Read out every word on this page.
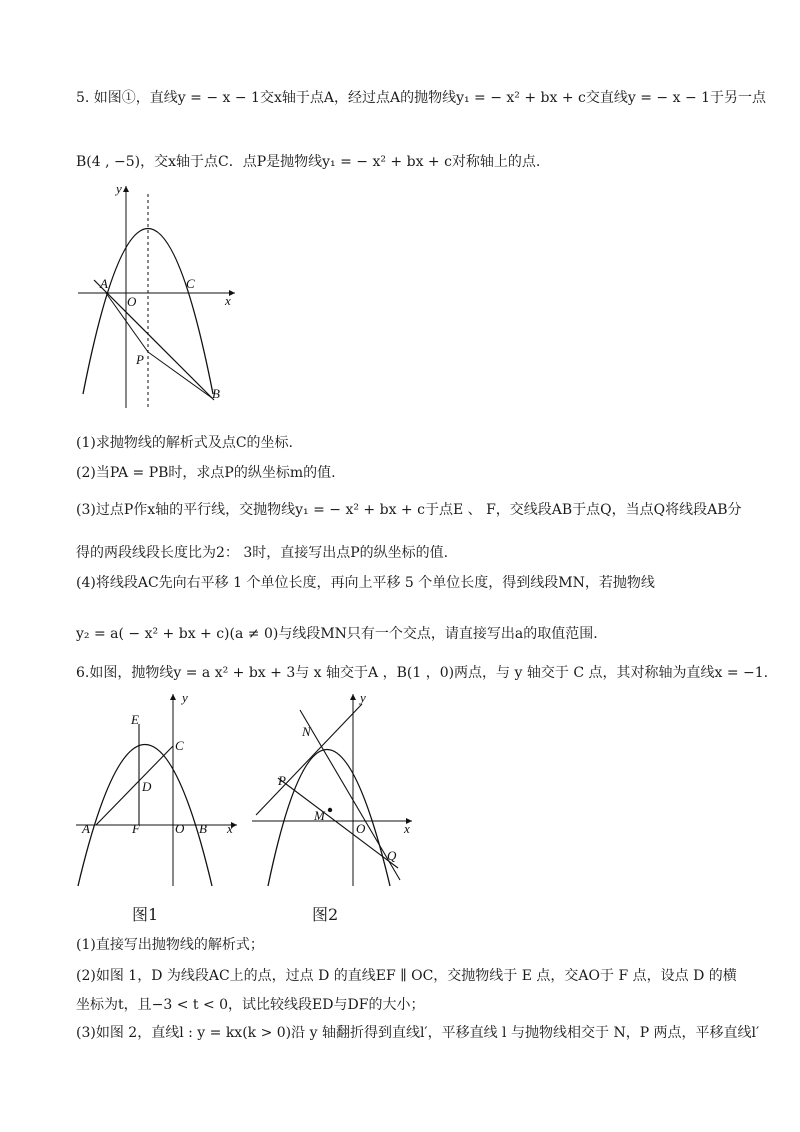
5. 如图①，直线y = − x − 1交x轴于点A，经过点A的抛物线y₁ = − x² + bx + c交直线y = − x − 1于另一点
B(4 , −5)，交x轴于点C．点P是抛物线y₁ = − x² + bx + c对称轴上的点.
y
x
A
O
C
P
B
(1)求抛物线的解析式及点C的坐标.
(2)当PA = PB时，求点P的纵坐标m的值.
(3)过点P作x轴的平行线，交抛物线y₁ = − x² + bx + c于点E 、 F，交线段AB于点Q，当点Q将线段AB分
得的两段线段长度比为2： 3时，直接写出点P的纵坐标的值.
(4)将线段AC先向右平移 1 个单位长度，再向上平移 5 个单位长度，得到线段MN，若抛物线
y₂ = a( − x² + bx + c)(a ≠ 0)与线段MN只有一个交点，请直接写出a的取值范围.
6.如图，抛物线y = a x² + bx + 3与 x 轴交于A ，B(1 ，0)两点，与 y 轴交于 C 点，其对称轴为直线x = −1.
E
y
C
D
A	F	O B x
y
N
P
M
O	x
Q
图1	图2
(1)直接写出抛物线的解析式；
(2)如图 1，D 为线段AC上的点，过点 D 的直线EF ∥ OC，交抛物线于 E 点，交AO于 F 点，设点 D 的横
坐标为t，且−3 < t < 0，试比较线段ED与DF的大小；
(3)如图 2，直线l : y = kx(k > 0)沿 y 轴翻折得到直线l′，平移直线 l 与抛物线相交于 N，P 两点，平移直线l′
